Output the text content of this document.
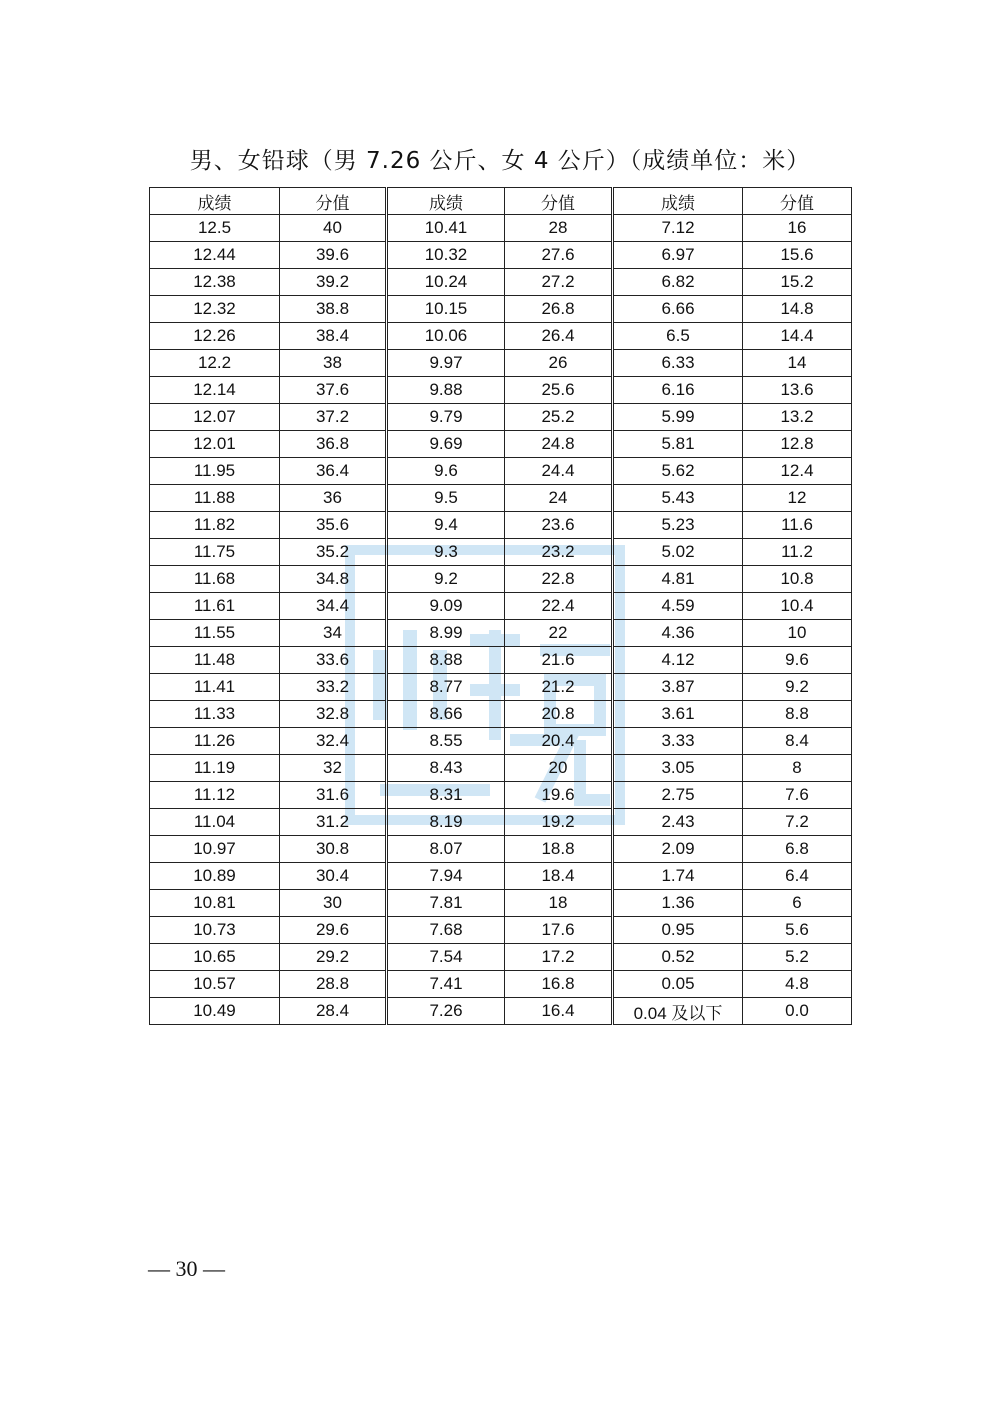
男、女铅球（男 7.26 公斤、女 4 公斤）（成绩单位：米）
成绩	分值	成绩	分值	成绩	分值
12.5	40	10.41	28	7.12	16
12.44	39.6	10.32	27.6	6.97	15.6
12.38	39.2	10.24	27.2	6.82	15.2
12.32	38.8	10.15	26.8	6.66	14.8
12.26	38.4	10.06	26.4	6.5	14.4
12.2	38	9.97	26	6.33	14
12.14	37.6	9.88	25.6	6.16	13.6
12.07	37.2	9.79	25.2	5.99	13.2
12.01	36.8	9.69	24.8	5.81	12.8
11.95	36.4	9.6	24.4	5.62	12.4
11.88	36	9.5	24	5.43	12
11.82	35.6	9.4	23.6	5.23	11.6
11.75	35.2	9.3	23.2	5.02	11.2
11.68	34.8	9.2	22.8	4.81	10.8
11.61	34.4	9.09	22.4	4.59	10.4
11.55	34	8.99	22	4.36	10
11.48	33.6	8.88	21.6	4.12	9.6
11.41	33.2	8.77	21.2	3.87	9.2
11.33	32.8	8.66	20.8	3.61	8.8
11.26	32.4	8.55	20.4	3.33	8.4
11.19	32	8.43	20	3.05	8
11.12	31.6	8.31	19.6	2.75	7.6
11.04	31.2	8.19	19.2	2.43	7.2
10.97	30.8	8.07	18.8	2.09	6.8
10.89	30.4	7.94	18.4	1.74	6.4
10.81	30	7.81	18	1.36	6
10.73	29.6	7.68	17.6	0.95	5.6
10.65	29.2	7.54	17.2	0.52	5.2
10.57	28.8	7.41	16.8	0.05	4.8
10.49	28.4	7.26	16.4	0.04 及以下	0.0
— 30 —
